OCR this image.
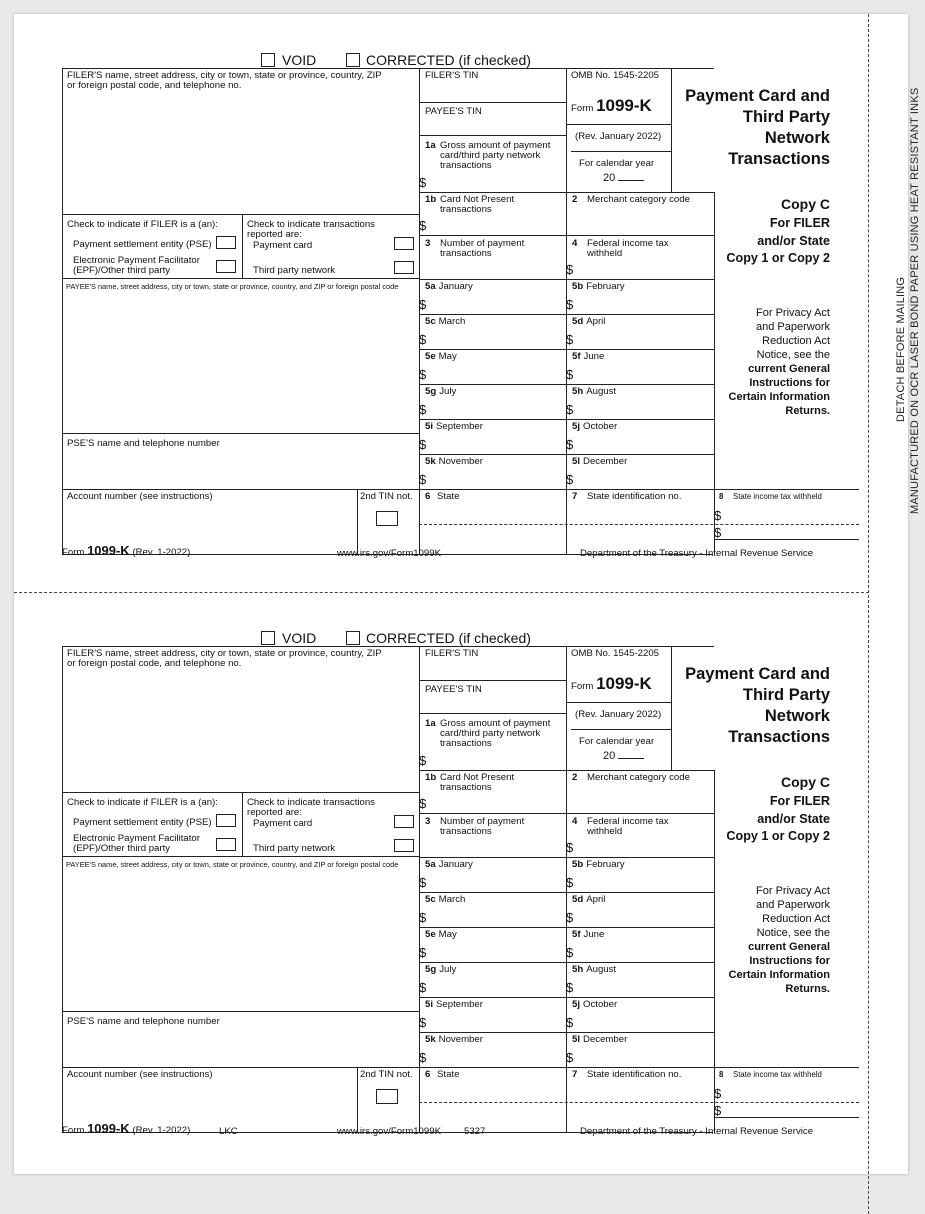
VOID	CORRECTED (if checked)
FILER'S name, street address, city or town, state or province, country, ZIP
or foreign postal code, and telephone no.
FILER'S TIN
PAYEE'S TIN
1a Gross amount of payment
card/third party network
transactions
$
OMB No. 1545-2205
Form 1099-K
(Rev. January 2022)
For calendar year
20
Payment Card and
Third Party
Network
Transactions
1b Card Not Present
transactions
$
2	Merchant category code	Copy C
For FILER
and/or State
Copy 1 or Copy 2
Check to indicate if FILER is a (an):
Payment settlement entity (PSE)
Electronic Payment Facilitator
(EPF)/Other third party
Check to indicate transactions
reported are:
Payment card
Third party network
3	Number of payment
transactions
4	Federal income tax
withheld
$
PAYEE'S name, street address, city or town, state or province, country, and ZIP or foreign postal code

For Privacy Act
and Paperwork
Reduction Act
Notice, see the
current General
Instructions for
Certain Information
Returns.

5a January
$
5b February
$
5c March
$
5d April
$
5e May
$
5f June
$
5g July
$
5h August
$
5i September
$
5j October
$
5k November
$
5l December
$
PSE'S name and telephone number
Account number (see instructions)	2nd TIN not. 6 State	7	State identification no.	8	State income tax withheld
$
$
Form 1099-K (Rev. 1-2022)	www.irs.gov/Form1099K	Department of the Treasury - Internal Revenue Service
VOID	CORRECTED (if checked)
FILER'S name, street address, city or town, state or province, country, ZIP
or foreign postal code, and telephone no.
FILER'S TIN
PAYEE'S TIN
1a Gross amount of payment
card/third party network
transactions
$
OMB No. 1545-2205
Form 1099-K
(Rev. January 2022)
For calendar year
20
Payment Card and
Third Party
Network
Transactions
1b Card Not Present
transactions
$
2	Merchant category code	Copy C
For FILER
and/or State
Copy 1 or Copy 2
Check to indicate if FILER is a (an):
Payment settlement entity (PSE)
Electronic Payment Facilitator
(EPF)/Other third party
Check to indicate transactions
reported are:
Payment card
Third party network
3	Number of payment
transactions
4	Federal income tax
withheld
$
PAYEE'S name, street address, city or town, state or province, country, and ZIP or foreign postal code

For Privacy Act
and Paperwork
Reduction Act
Notice, see the
current General
Instructions for
Certain Information
Returns.

5a January
$
5b February
$
5c March
$
5d April
$
5e May
$
5f June
$
5g July
$
5h August
$
5i September
$
5j October
$
5k November
$
5l December
$
PSE'S name and telephone number
Account number (see instructions)	2nd TIN not. 6 State	7	State identification no.	8	State income tax withheld
$
$
Form 1099-K (Rev. 1-2022)	www.irs.gov/Form1099K	Department of the Treasury - Internal Revenue Service
LKC	5327
DETACH BEFORE MAILING MANUFACTURED ON OCR LASER BOND PAPER USING HEAT RESISTANT INKS
